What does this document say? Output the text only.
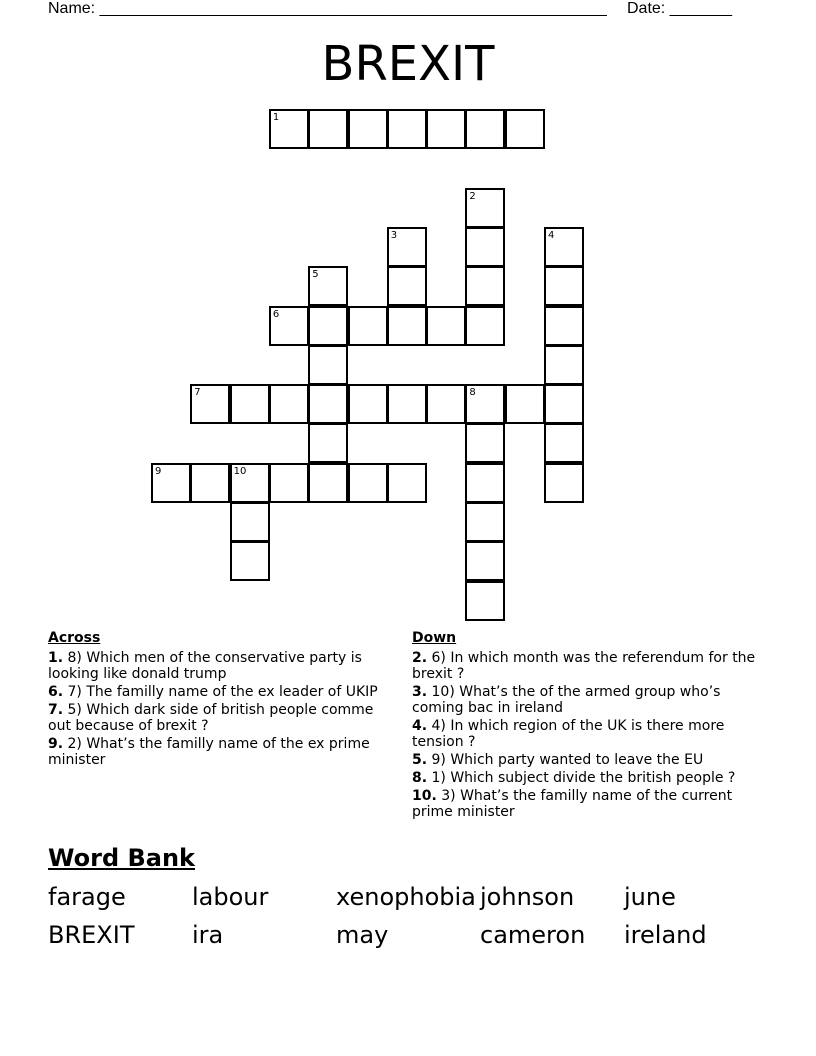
Name: _________________________________________________________ Date: _______
BREXIT
1
2
3	4
5
6
7	8
9	10
Across
1. 8) Which men of the conservative party is looking like donald trump
6. 7) The familly name of the ex leader of UKIP
7. 5) Which dark side of british people comme out because of brexit ?
9. 2) What’s the familly name of the ex prime minister
Down
2. 6) In which month was the referendum for the brexit ?
3. 10) What’s the of the armed group who’s coming bac in ireland
4. 4) In which region of the UK is there more tension ?
5. 9) Which party wanted to leave the EU
8. 1) Which subject divide the british people ?
10. 3) What’s the familly name of the current prime minister
Word Bank
farage	labour	xenophobia johnson	june
BREXIT	ira	may	cameron	ireland
